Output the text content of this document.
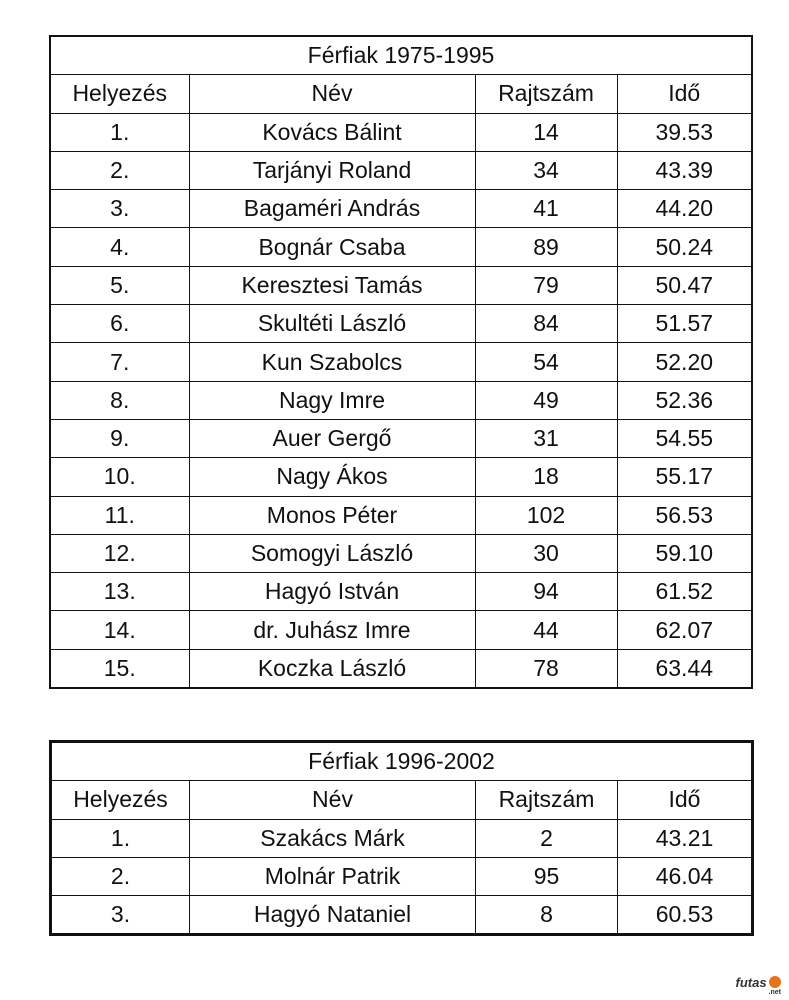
Férfiak 1975-1995			
Helyezés	Név	Rajtszám	Idő
1.	Kovács Bálint	14	39.53
2.	Tarjányi Roland	34	43.39
3.	Bagaméri András	41	44.20
4.	Bognár Csaba	89	50.24
5.	Keresztesi Tamás	79	50.47
6.	Skultéti László	84	51.57
7.	Kun Szabolcs	54	52.20
8.	Nagy Imre	49	52.36
9.	Auer Gergő	31	54.55
10.	Nagy Ákos	18	55.17
11.	Monos Péter	102	56.53
12.	Somogyi László	30	59.10
13.	Hagyó István	94	61.52
14.	dr. Juhász Imre	44	62.07
15.	Koczka László	78	63.44
Férfiak 1996-2002			
Helyezés	Név	Rajtszám	Idő
1.	Szakács Márk	2	43.21
2.	Molnár Patrik	95	46.04
3.	Hagyó Nataniel	8	60.53
futas
.net
